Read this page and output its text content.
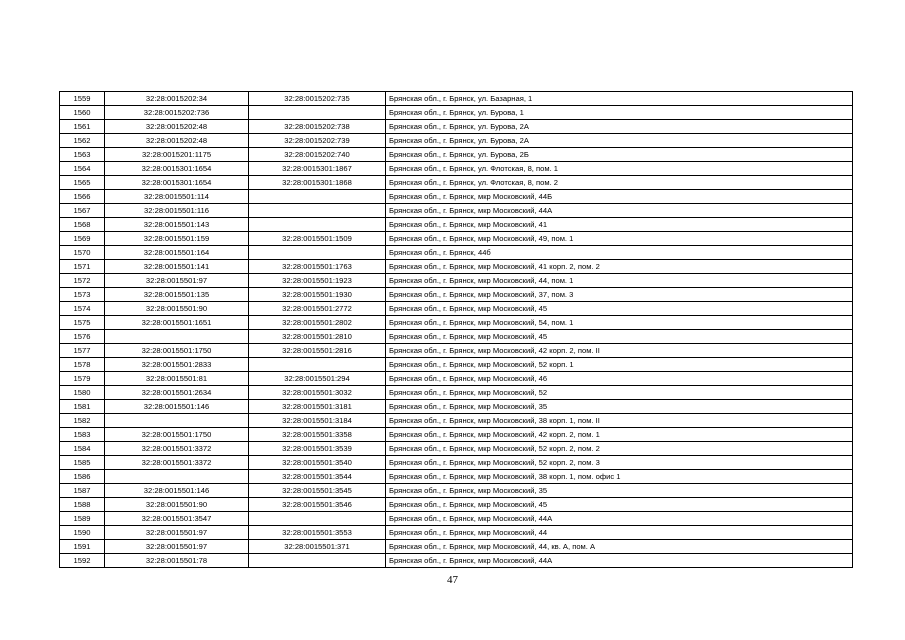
1559	32:28:0015202:34	32:28:0015202:735	Брянская обл., г. Брянск, ул. Базарная, 1
1560	32:28:0015202:736		Брянская обл., г. Брянск, ул. Бурова, 1
1561	32:28:0015202:48	32:28:0015202:738	Брянская обл., г. Брянск, ул. Бурова, 2А
1562	32:28:0015202:48	32:28:0015202:739	Брянская обл., г. Брянск, ул. Бурова, 2А
1563	32:28:0015201:1175	32:28:0015202:740	Брянская обл., г. Брянск, ул. Бурова, 2Б
1564	32:28:0015301:1654	32:28:0015301:1867	Брянская обл., г. Брянск, ул. Флотская, 8, пом. 1
1565	32:28:0015301:1654	32:28:0015301:1868	Брянская обл., г. Брянск, ул. Флотская, 8, пом. 2
1566	32:28:0015501:114		Брянская обл., г. Брянск, мкр Московский, 44Б
1567	32:28:0015501:116		Брянская обл., г. Брянск, мкр Московский, 44А
1568	32:28:0015501:143		Брянская обл., г. Брянск, мкр Московский, 41
1569	32:28:0015501:159	32:28:0015501:1509	Брянская обл., г. Брянск, мкр Московский, 49, пом. 1
1570	32:28:0015501:164		Брянская обл., г. Брянск, 44б
1571	32:28:0015501:141	32:28:0015501:1763	Брянская обл., г. Брянск, мкр Московский, 41 корп. 2, пом. 2
1572	32:28:0015501:97	32:28:0015501:1923	Брянская обл., г. Брянск, мкр Московский, 44, пом. 1
1573	32:28:0015501:135	32:28:0015501:1930	Брянская обл., г. Брянск, мкр Московский, 37, пом. 3
1574	32:28:0015501:90	32:28:0015501:2772	Брянская обл., г. Брянск, мкр Московский, 45
1575	32:28:0015501:1651	32:28:0015501:2802	Брянская обл., г. Брянск, мкр Московский, 54, пом. 1
1576		32:28:0015501:2810	Брянская обл., г. Брянск, мкр Московский, 45
1577	32:28:0015501:1750	32:28:0015501:2816	Брянская обл., г. Брянск, мкр Московский, 42 корп. 2, пом. II
1578	32:28:0015501:2833		Брянская обл., г. Брянск, мкр Московский, 52 корп. 1
1579	32:28:0015501:81	32:28:0015501:294	Брянская обл., г. Брянск, мкр Московский, 46
1580	32:28:0015501:2634	32:28:0015501:3032	Брянская обл., г. Брянск, мкр Московский, 52
1581	32:28:0015501:146	32:28:0015501:3181	Брянская обл., г. Брянск, мкр Московский, 35
1582		32:28:0015501:3184	Брянская обл., г. Брянск, мкр Московский, 38 корп. 1, пом. II
1583	32:28:0015501:1750	32:28:0015501:3358	Брянская обл., г. Брянск, мкр Московский, 42 корп. 2, пом. 1
1584	32:28:0015501:3372	32:28:0015501:3539	Брянская обл., г. Брянск, мкр Московский, 52 корп. 2, пом. 2
1585	32:28:0015501:3372	32:28:0015501:3540	Брянская обл., г. Брянск, мкр Московский, 52 корп. 2, пом. 3
1586		32:28:0015501:3544	Брянская обл., г. Брянск, мкр Московский, 38 корп. 1, пом. офис 1
1587	32:28:0015501:146	32:28:0015501:3545	Брянская обл., г. Брянск, мкр Московский, 35
1588	32:28:0015501:90	32:28:0015501:3546	Брянская обл., г. Брянск, мкр Московский, 45
1589	32:28:0015501:3547		Брянская обл., г. Брянск, мкр Московский, 44А
1590	32:28:0015501:97	32:28:0015501:3553	Брянская обл., г. Брянск, мкр Московский, 44
1591	32:28:0015501:97	32:28:0015501:371	Брянская обл., г. Брянск, мкр Московский, 44, кв. А, пом. А
1592	32:28:0015501:78		Брянская обл., г. Брянск, мкр Московский, 44А
47
